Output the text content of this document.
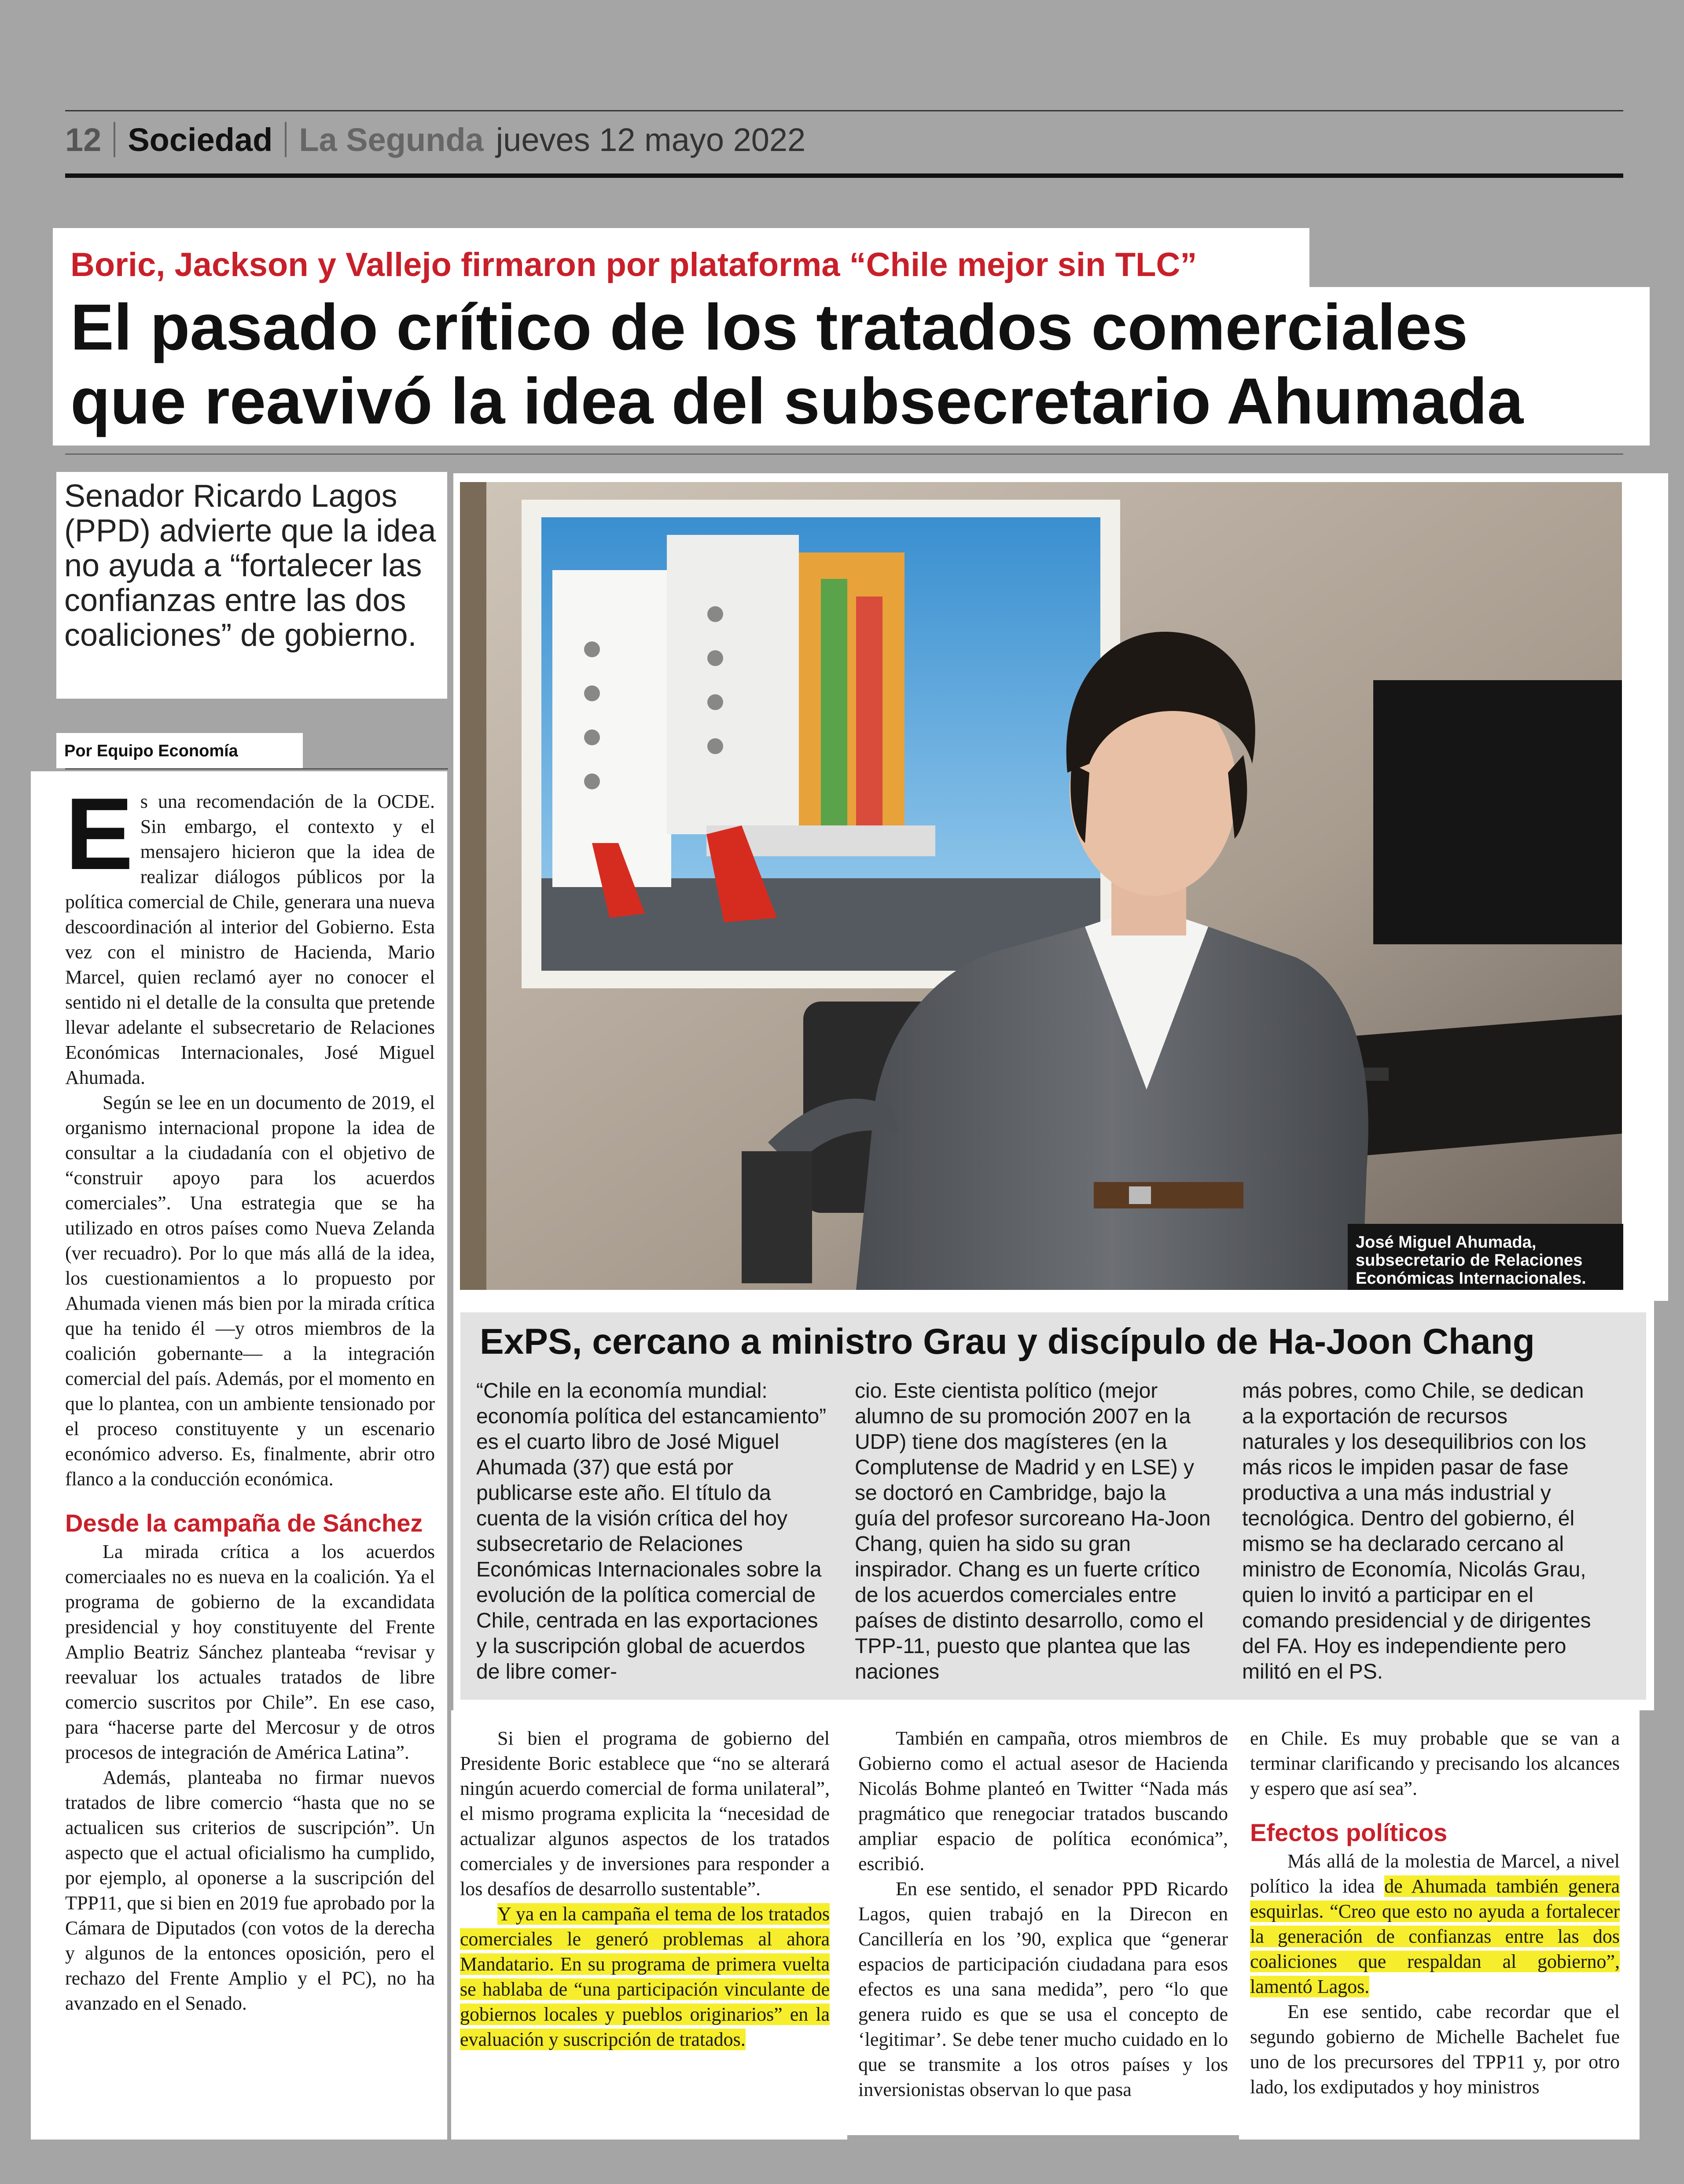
12 Sociedad La Segunda jueves 12 mayo 2022
Boric, Jackson y Vallejo firmaron por plataforma “Chile mejor sin TLC”
El pasado crítico de los tratados comerciales
que reavivó la idea del subsecretario Ahumada
Senador Ricardo Lagos (PPD) advierte que la idea no ayuda a “fortalecer las confianzas entre las dos coaliciones” de gobierno.
Por Equipo Economía

Es una recomendación de la OCDE. Sin embargo, el contexto y el mensajero hicieron que la idea de realizar diálogos públicos por la política comercial de Chile, generara una nueva descoordinación al interior del Gobierno. Esta vez con el ministro de Hacienda, Mario Marcel, quien reclamó ayer no conocer el sentido ni el detalle de la consulta que pretende llevar adelante el subsecretario de Relaciones Económicas Internacionales, José Miguel Ahumada.

Según se lee en un documento de 2019, el organismo internacional propone la idea de consultar a la ciudadanía con el objetivo de “construir apoyo para los acuerdos comerciales”. Una estrategia que se ha utilizado en otros países como Nueva Zelanda (ver recuadro). Por lo que más allá de la idea, los cuestionamientos a lo propuesto por Ahumada vienen más bien por la mirada crítica que ha tenido él —y otros miembros de la coalición gobernante— a la integración comercial del país. Además, por el momento en que lo plantea, con un ambiente tensionado por el proceso constituyente y un escenario económico adverso. Es, finalmente, abrir otro flanco a la conducción económica.

Desde la campaña de Sánchez

La mirada crítica a los acuerdos comerciaales no es nueva en la coalición. Ya el programa de gobierno de la excandidata presidencial y hoy constituyente del Frente Amplio Beatriz Sánchez planteaba “revisar y reevaluar los actuales tratados de libre comercio suscritos por Chile”. En ese caso, para “hacerse parte del Mercosur y de otros procesos de integración de América Latina”.

Además, planteaba no firmar nuevos tratados de libre comercio “hasta que no se actualicen sus criterios de suscripción”. Un aspecto que el actual oficialismo ha cumplido, por ejemplo, al oponerse a la suscripción del TPP11, que si bien en 2019 fue aprobado por la Cámara de Diputados (con votos de la derecha y algunos de la entonces oposición, pero el rechazo del Frente Amplio y el PC), no ha avanzado en el Senado.

José Miguel Ahumada, subsecretario de Relaciones Económicas Internacionales.
ExPS, cercano a ministro Grau y discípulo de Ha-Joon Chang
“Chile en la economía mundial: economía política del estancamiento” es el cuarto libro de José Miguel Ahumada (37) que está por publicarse este año. El título da cuenta de la visión crítica del hoy subsecretario de Relaciones Económicas Internacionales sobre la evolución de la política comercial de Chile, centrada en las exportaciones y la suscripción global de acuerdos de libre comer-
cio. Este cientista político (mejor alumno de su promoción 2007 en la UDP) tiene dos magísteres (en la Complutense de Madrid y en LSE) y se doctoró en Cambridge, bajo la guía del profesor surcoreano Ha-Joon Chang, quien ha sido su gran inspirador. Chang es un fuerte crítico de los acuerdos comerciales entre países de distinto desarrollo, como el TPP-11, puesto que plantea que las naciones
más pobres, como Chile, se dedican a la exportación de recursos naturales y los desequilibrios con los más ricos le impiden pasar de fase productiva a una más industrial y tecnológica. Dentro del gobierno, él mismo se ha declarado cercano al ministro de Economía, Nicolás Grau, quien lo invitó a participar en el comando presidencial y de dirigentes del FA. Hoy es independiente pero militó en el PS.

Si bien el programa de gobierno del Presidente Boric establece que “no se alterará ningún acuerdo comercial de forma unilateral”, el mismo programa explicita la “necesidad de actualizar algunos aspectos de los tratados comerciales y de inversiones para responder a los desafíos de desarrollo sustentable”.

Y ya en la campaña el tema de los tratados comerciales le generó problemas al ahora Mandatario. En su programa de primera vuelta se hablaba de “una participación vinculante de gobiernos locales y pueblos originarios” en la evaluación y suscripción de tratados.

También en campaña, otros miembros de Gobierno como el actual asesor de Hacienda Nicolás Bohme planteó en Twitter “Nada más pragmático que renegociar tratados buscando ampliar espacio de política económica”, escribió.

En ese sentido, el senador PPD Ricardo Lagos, quien trabajó en la Direcon en Cancillería en los ’90, explica que “generar espacios de participación ciudadana para esos efectos es una sana medida”, pero “lo que genera ruido es que se usa el concepto de ‘legitimar’. Se debe tener mucho cuidado en lo que se transmite a los otros países y los inversionistas observan lo que pasa

en Chile. Es muy probable que se van a terminar clarificando y precisando los alcances y espero que así sea”.

Efectos políticos

Más allá de la molestia de Marcel, a nivel político la idea de Ahumada también genera esquirlas. “Creo que esto no ayuda a fortalecer la generación de confianzas entre las dos coaliciones que respaldan al gobierno”, lamentó Lagos.

En ese sentido, cabe recordar que el segundo gobierno de Michelle Bachelet fue uno de los precursores del TPP11 y, por otro lado, los exdiputados y hoy ministros
